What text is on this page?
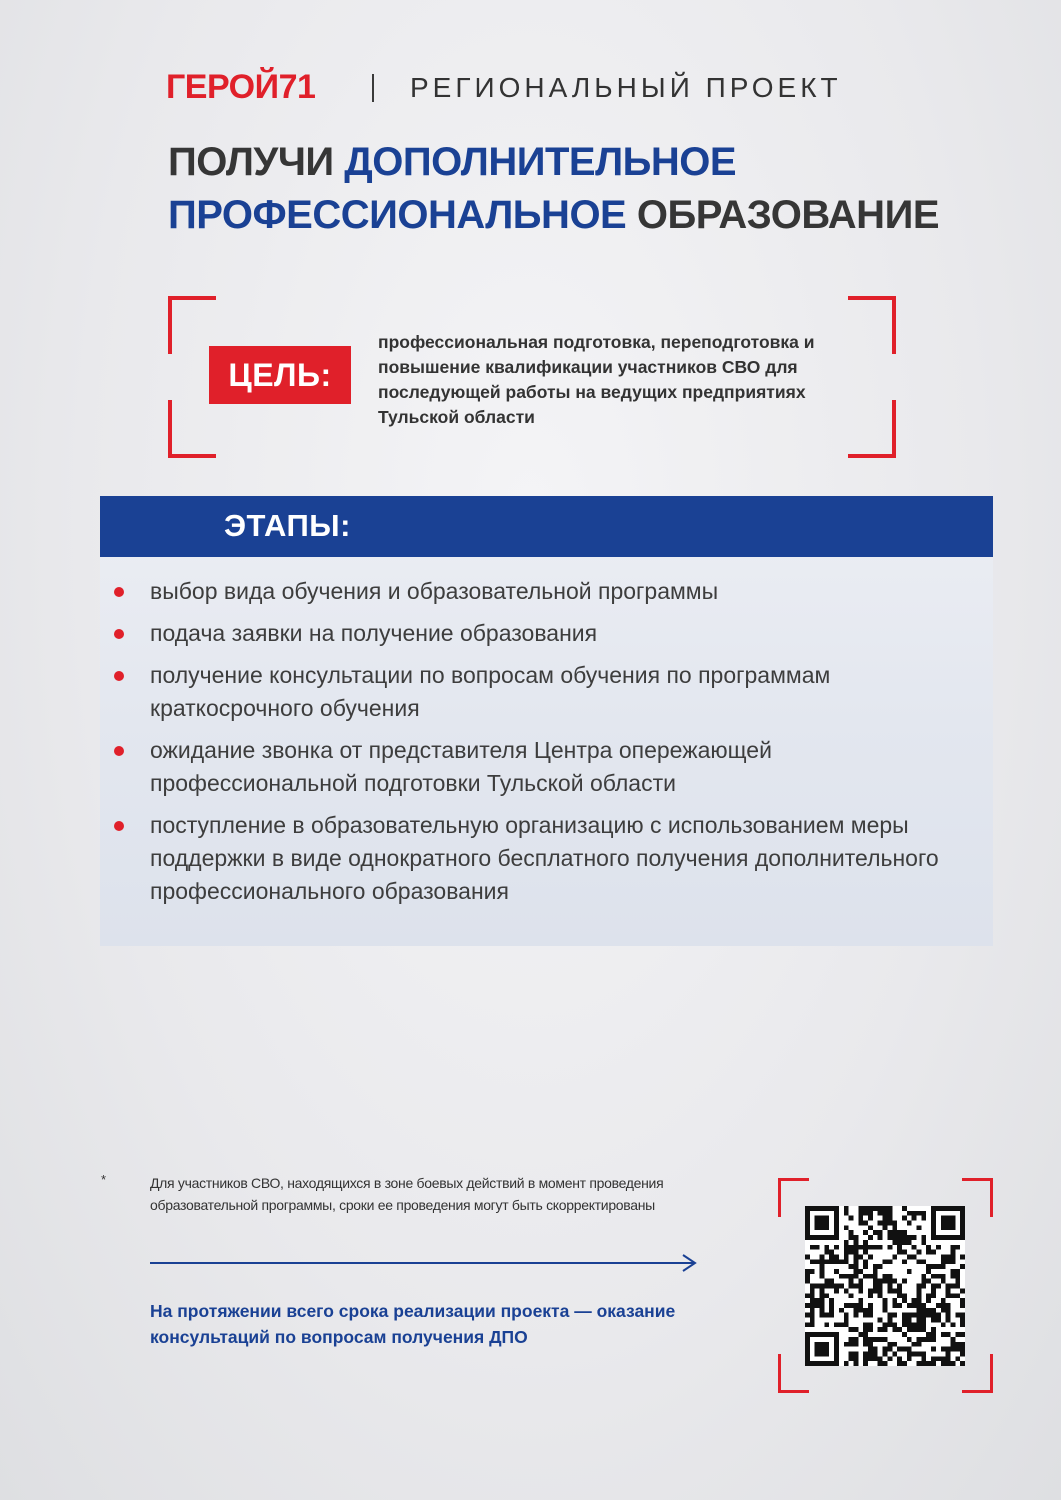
ГЕРОЙ71	РЕГИОНАЛЬНЫЙ ПРОЕКТ
ПОЛУЧИ ДОПОЛНИТЕЛЬНОЕ
ПРОФЕССИОНАЛЬНОЕ ОБРАЗОВАНИЕ
ЦЕЛЬ:
профессиональная подготовка, переподготовка и повышение квалификации участников СВО для последующей работы на ведущих предприятиях Тульской области
ЭТАПЫ:
выбор вида обучения и образовательной программы
подача заявки на получение образования
получение консультации по вопросам обучения по программам краткосрочного обучения
ожидание звонка от представителя Центра опережающей профессиональной подготовки Тульской области
поступление в образовательную организацию с использованием меры поддержки в виде однократного бесплатного получения дополнительного профессионального образования
*	Для участников СВО, находящихся в зоне боевых действий в момент проведения образовательной программы, сроки ее проведения могут быть скорректированы
На протяжении всего срока реализации проекта — оказание консультаций по вопросам получения ДПО
